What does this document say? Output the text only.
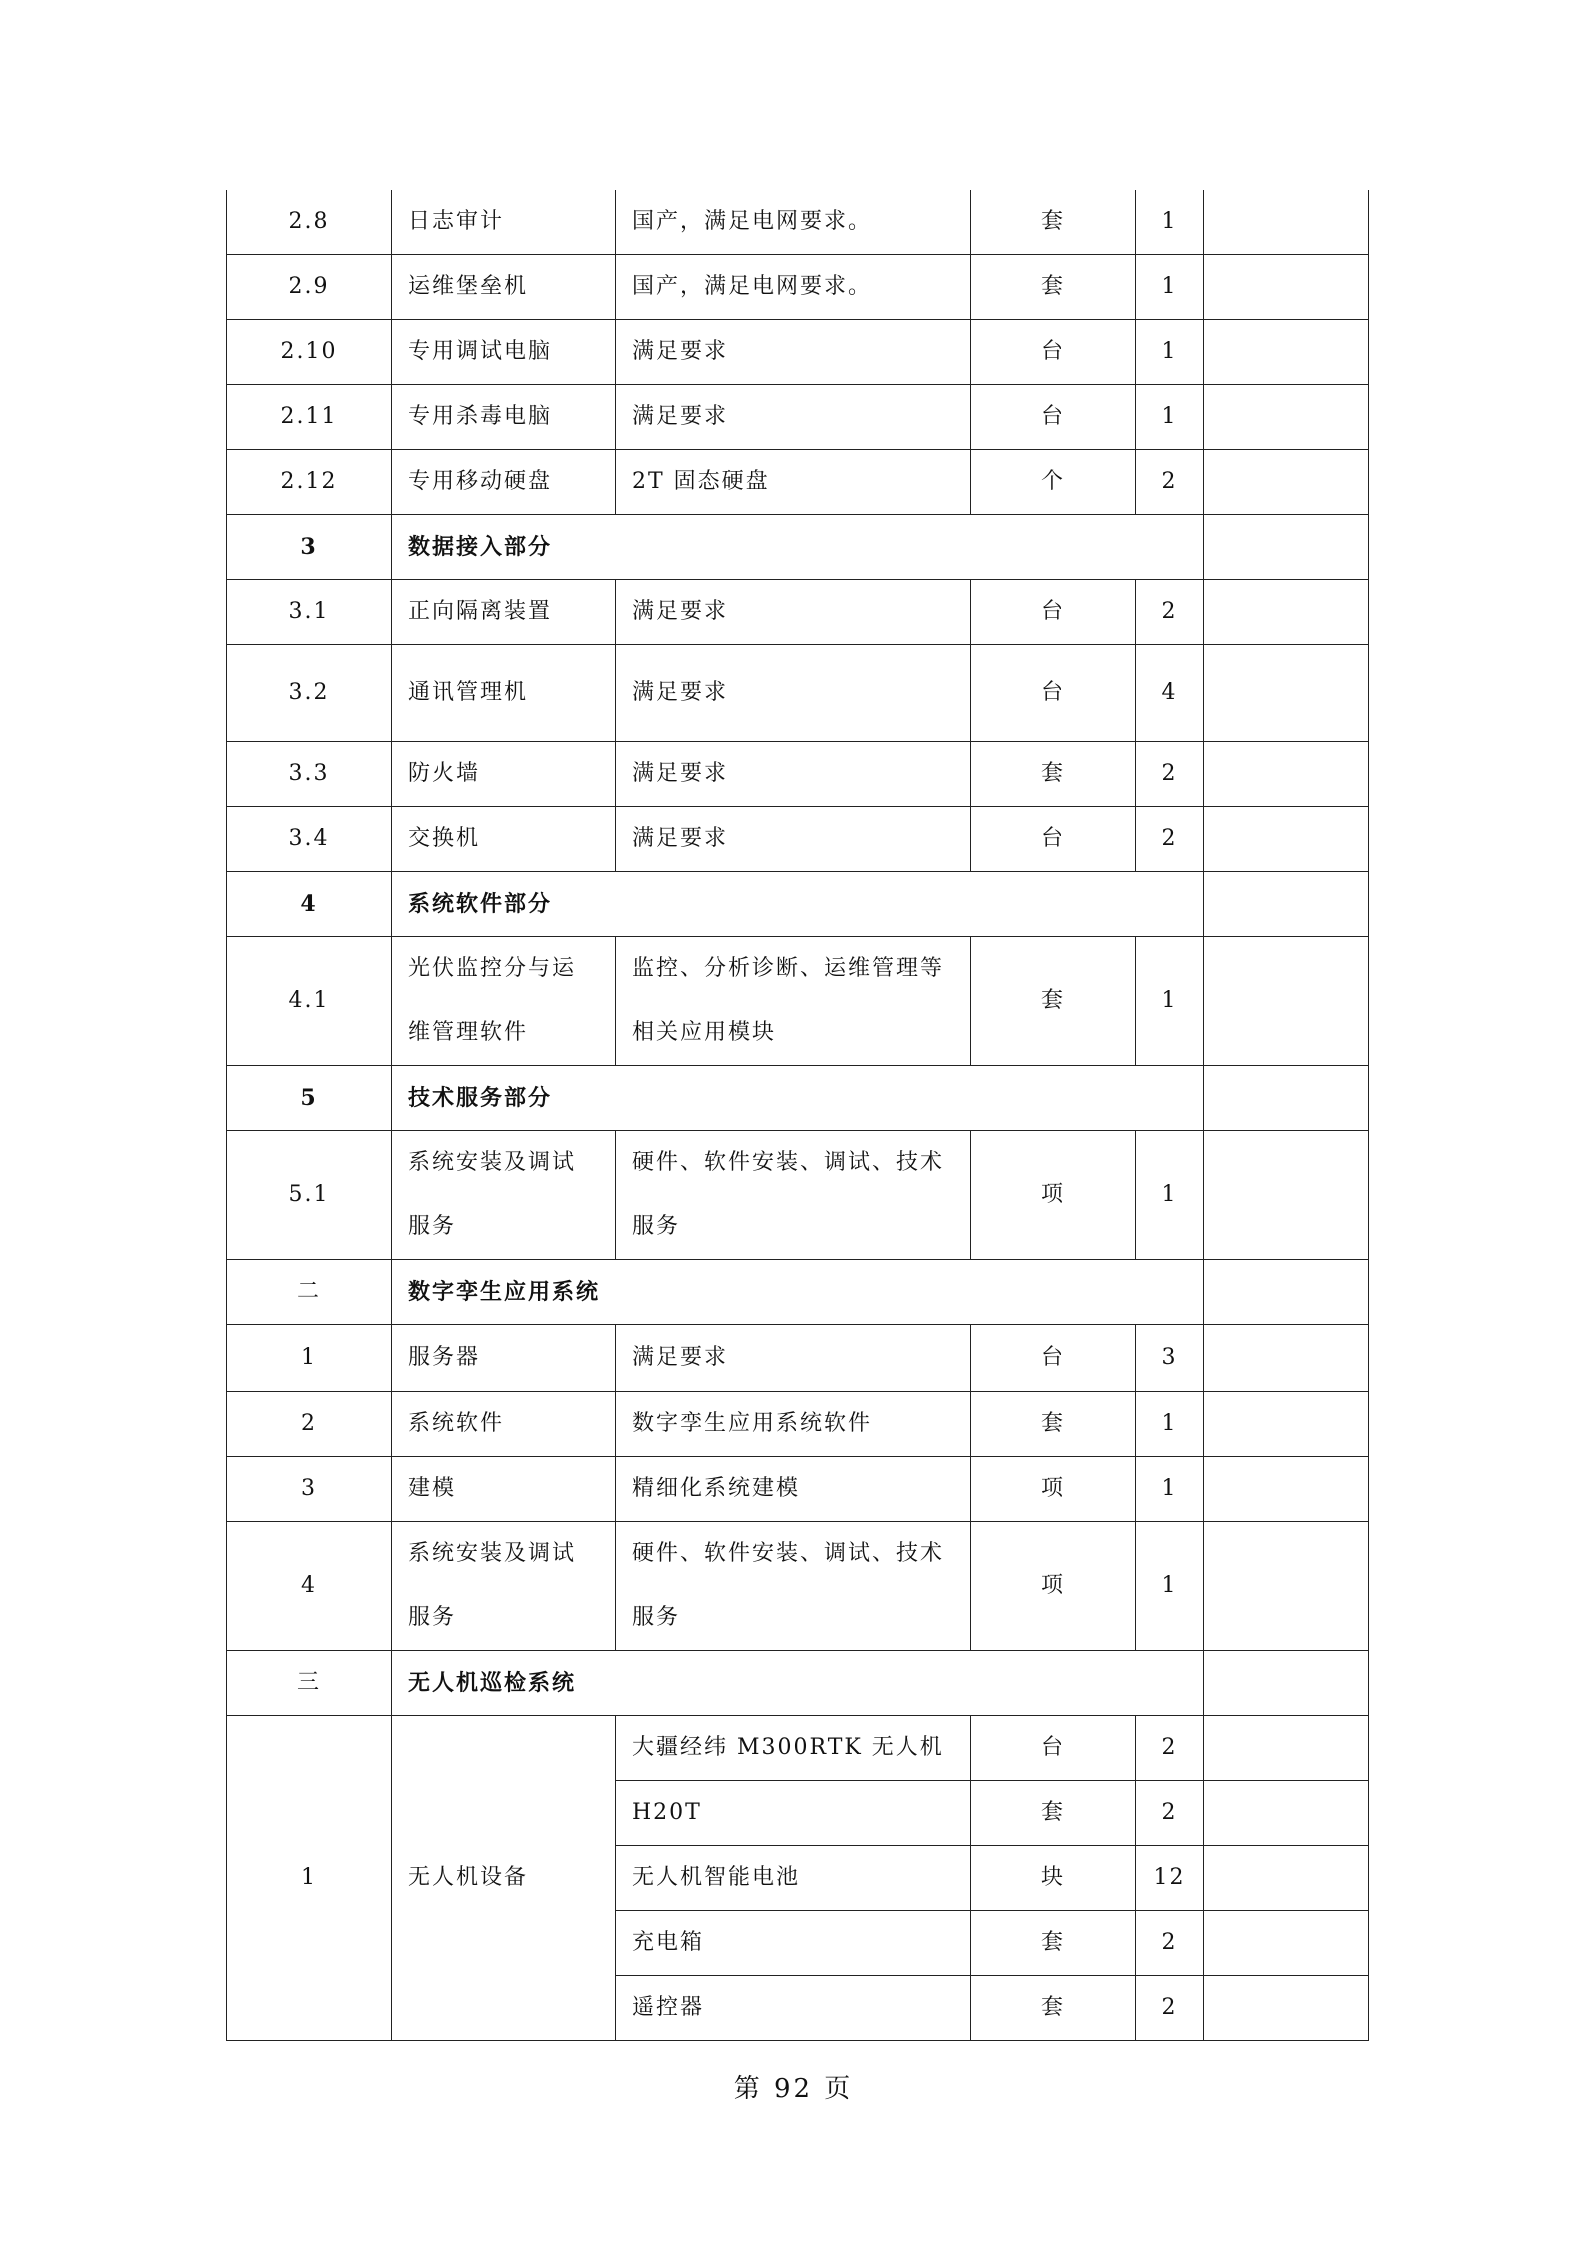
2.8	日志审计	国产，满足电网要求。	套	1	
2.9	运维堡垒机	国产，满足电网要求。	套	1	
2.10	专用调试电脑	满足要求	台	1	
2.11	专用杀毒电脑	满足要求	台	1	
2.12	专用移动硬盘	2T 固态硬盘	个	2	
3	数据接入部分				
3.1	正向隔离装置	满足要求	台	2	
3.2	通讯管理机	满足要求	台	4	
3.3	防火墙	满足要求	套	2	
3.4	交换机	满足要求	台	2	
4	系统软件部分				
4.1	光伏监控分与运维管理软件	监控、分析诊断、运维管理等相关应用模块	套	1	
5	技术服务部分				
5.1	系统安装及调试服务	硬件、软件安装、调试、技术服务	项	1	
二	数字孪生应用系统				
1	服务器	满足要求	台	3	
2	系统软件	数字孪生应用系统软件	套	1	
3	建模	精细化系统建模	项	1	
4	系统安装及调试服务	硬件、软件安装、调试、技术服务	项	1	
三	无人机巡检系统				
1	无人机设备	大疆经纬 M300RTK 无人机	台	2	
		H20T	套	2	
		无人机智能电池	块	12	
		充电箱	套	2	
		遥控器	套	2	
第 92 页
